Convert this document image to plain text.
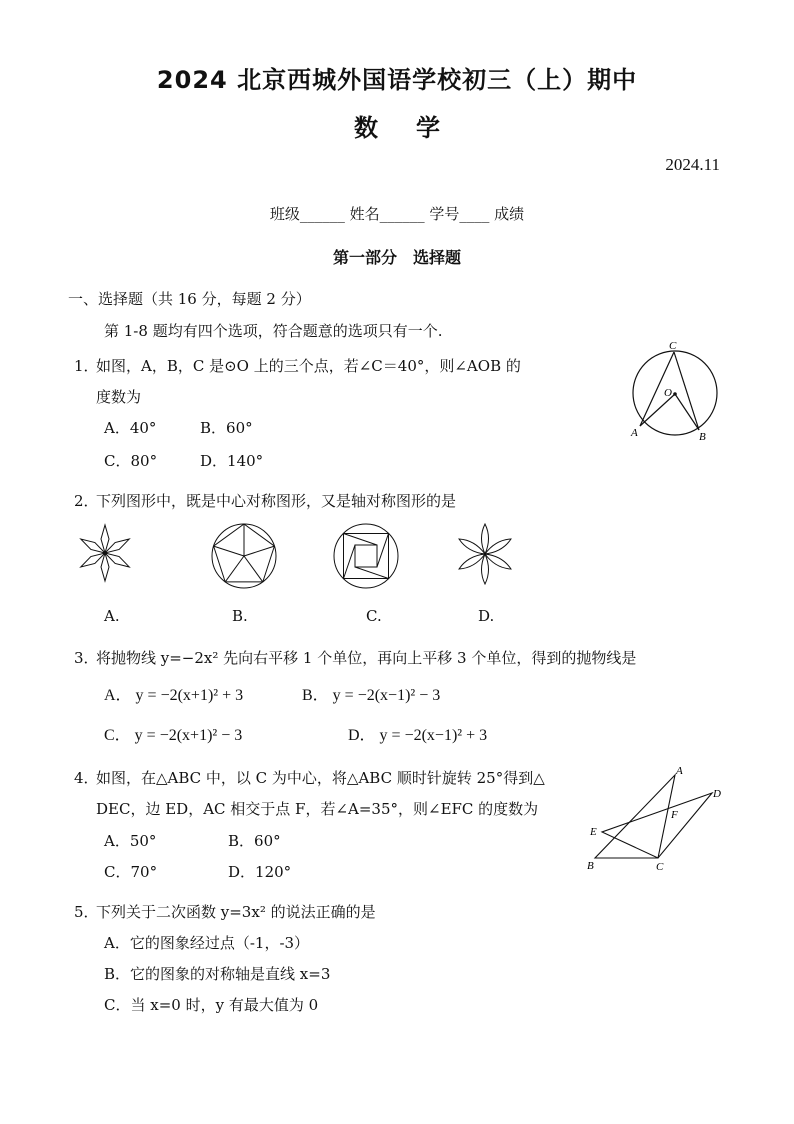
2024 北京西城外国语学校初三（上）期中
数学
2024.11
班级______ 姓名______ 学号____ 成绩
第一部分　选择题
一、选择题（共 16 分，每题 2 分）
第 1-8 题均有四个选项，符合题意的选项只有一个.
1．
如图，A，B，C 是⊙O 上的三个点，若∠C＝40°，则∠AOB 的
度数为
A．40°	B．60°
C．80°	D．140°
C
O
A	B
2．
下列图形中，既是中心对称图形，又是轴对称图形的是
A.	B.	C.	D.
3．
将抛物线 y=−2x² 先向右平移 1 个单位，再向上平移 3 个单位，得到的抛物线是
A． y = −2(x+1)² + 3	B． y = −2(x−1)² − 3
C． y = −2(x+1)² − 3	D． y = −2(x−1)² + 3
4．
如图，在△ABC 中，以 C 为中心，将△ABC 顺时针旋转 25°得到△
DEC，边 ED，AC 相交于点 F，若∠A=35°，则∠EFC 的度数为
A．50°	B．60°
C．70°	D．120°
A
D
E
F
B	C
5．
下列关于二次函数 y=3x² 的说法正确的是
A．它的图象经过点（-1，-3）
B．它的图象的对称轴是直线 x=3
C．当 x=0 时，y 有最大值为 0
